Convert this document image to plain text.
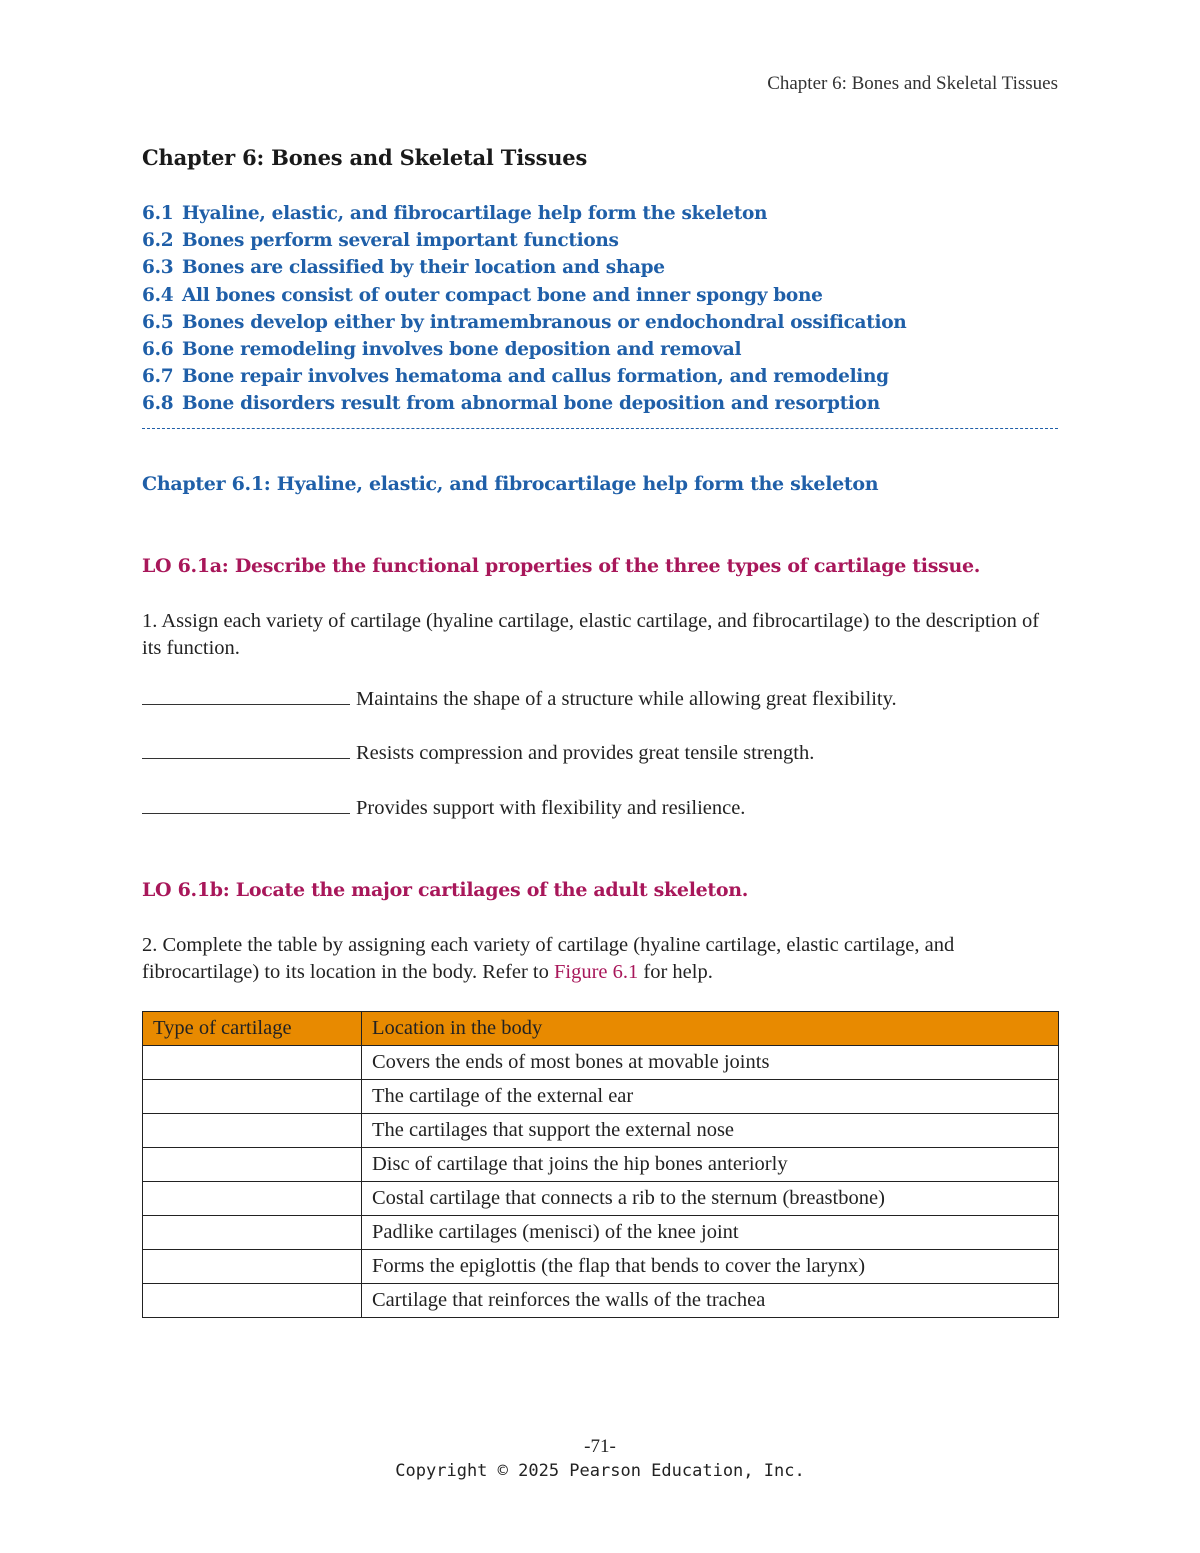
Chapter 6: Bones and Skeletal Tissues
Chapter 6: Bones and Skeletal Tissues
6.1 Hyaline, elastic, and fibrocartilage help form the skeleton
6.2 Bones perform several important functions
6.3 Bones are classified by their location and shape
6.4 All bones consist of outer compact bone and inner spongy bone
6.5 Bones develop either by intramembranous or endochondral ossification
6.6 Bone remodeling involves bone deposition and removal
6.7 Bone repair involves hematoma and callus formation, and remodeling
6.8 Bone disorders result from abnormal bone deposition and resorption
Chapter 6.1: Hyaline, elastic, and fibrocartilage help form the skeleton
LO 6.1a: Describe the functional properties of the three types of cartilage tissue.
1. Assign each variety of cartilage (hyaline cartilage, elastic cartilage, and fibrocartilage) to the description of its function.
Maintains the shape of a structure while allowing great flexibility.
Resists compression and provides great tensile strength.
Provides support with flexibility and resilience.
LO 6.1b: Locate the major cartilages of the adult skeleton.
2. Complete the table by assigning each variety of cartilage (hyaline cartilage, elastic cartilage, and fibrocartilage) to its location in the body. Refer to Figure 6.1 for help.
Type of cartilage	Location in the body
	Covers the ends of most bones at movable joints
	The cartilage of the external ear
	The cartilages that support the external nose
	Disc of cartilage that joins the hip bones anteriorly
	Costal cartilage that connects a rib to the sternum (breastbone)
	Padlike cartilages (menisci) of the knee joint
	Forms the epiglottis (the flap that bends to cover the larynx)
	Cartilage that reinforces the walls of the trachea
-71-
Copyright © 2025 Pearson Education, Inc.
